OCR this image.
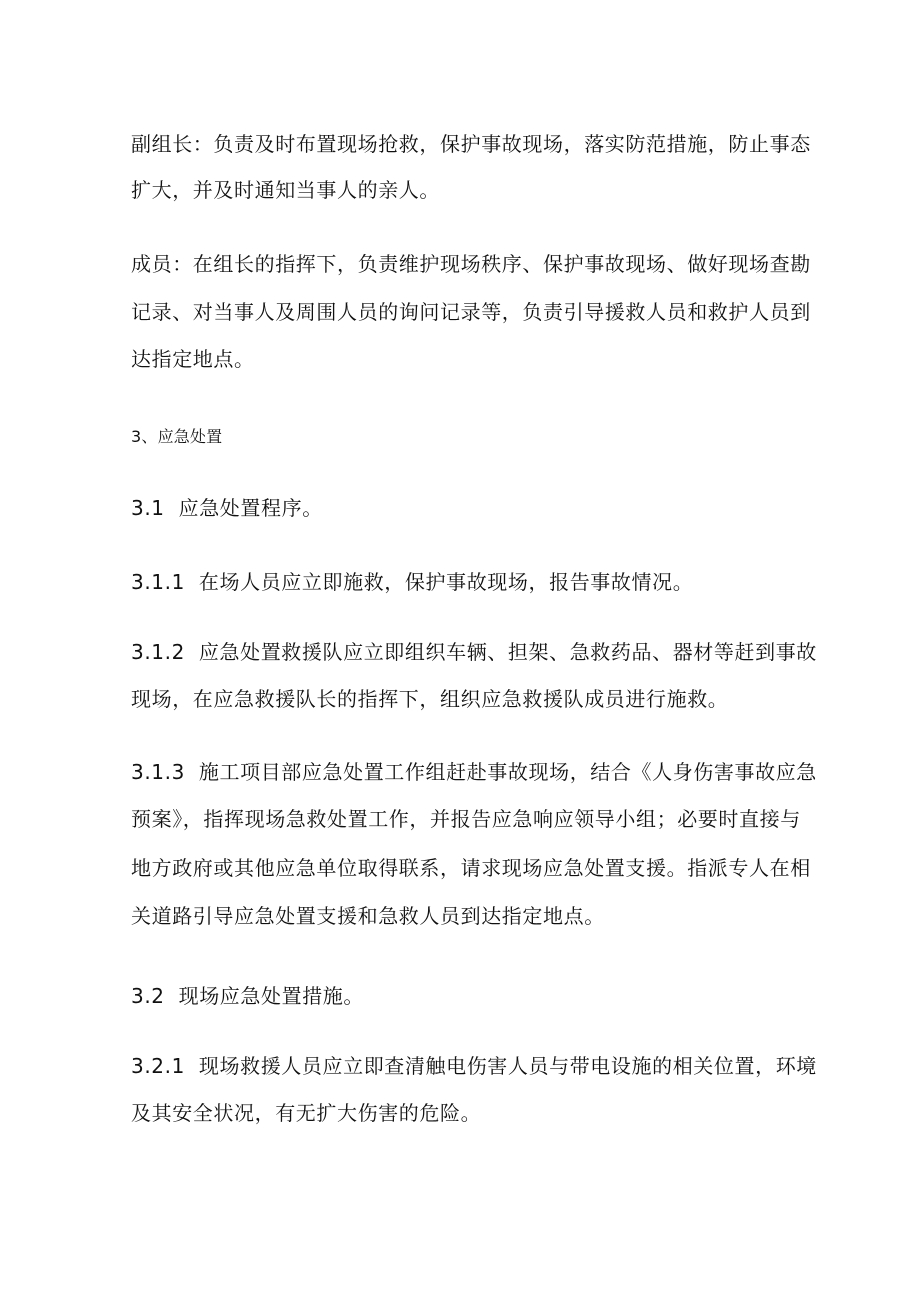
副组长：负责及时布置现场抢救，保护事故现场，落实防范措施，防止事态
扩大，并及时通知当事人的亲人。
成员：在组长的指挥下，负责维护现场秩序、保护事故现场、做好现场查勘
记录、对当事人及周围人员的询问记录等，负责引导援救人员和救护人员到
达指定地点。
3、应急处置
3.1 应急处置程序。
3.1.1 在场人员应立即施救，保护事故现场，报告事故情况。
3.1.2 应急处置救援队应立即组织车辆、担架、急救药品、器材等赶到事故
现场，在应急救援队长的指挥下，组织应急救援队成员进行施救。
3.1.3 施工项目部应急处置工作组赶赴事故现场，结合《人身伤害事故应急
预案》，指挥现场急救处置工作，并报告应急响应领导小组；必要时直接与
地方政府或其他应急单位取得联系，请求现场应急处置支援。指派专人在相
关道路引导应急处置支援和急救人员到达指定地点。
3.2 现场应急处置措施。
3.2.1 现场救援人员应立即查清触电伤害人员与带电设施的相关位置，环境
及其安全状况，有无扩大伤害的危险。
